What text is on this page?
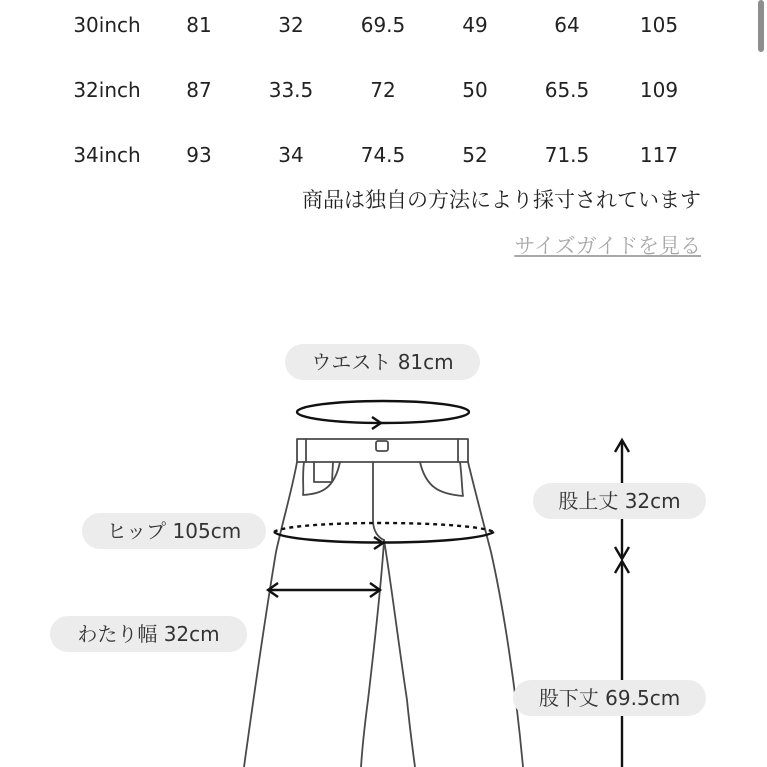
30inch 81	32	69.5	49	64	105
32inch 87	33.5	72	50	65.5	109
34inch 93	34	74.5	52	71.5	117
商品は独自の方法により採寸されています
サイズガイドを見る
ウエスト 81cm
ヒップ 105cm
わたり幅 32cm
股上丈 32cm
股下丈 69.5cm
